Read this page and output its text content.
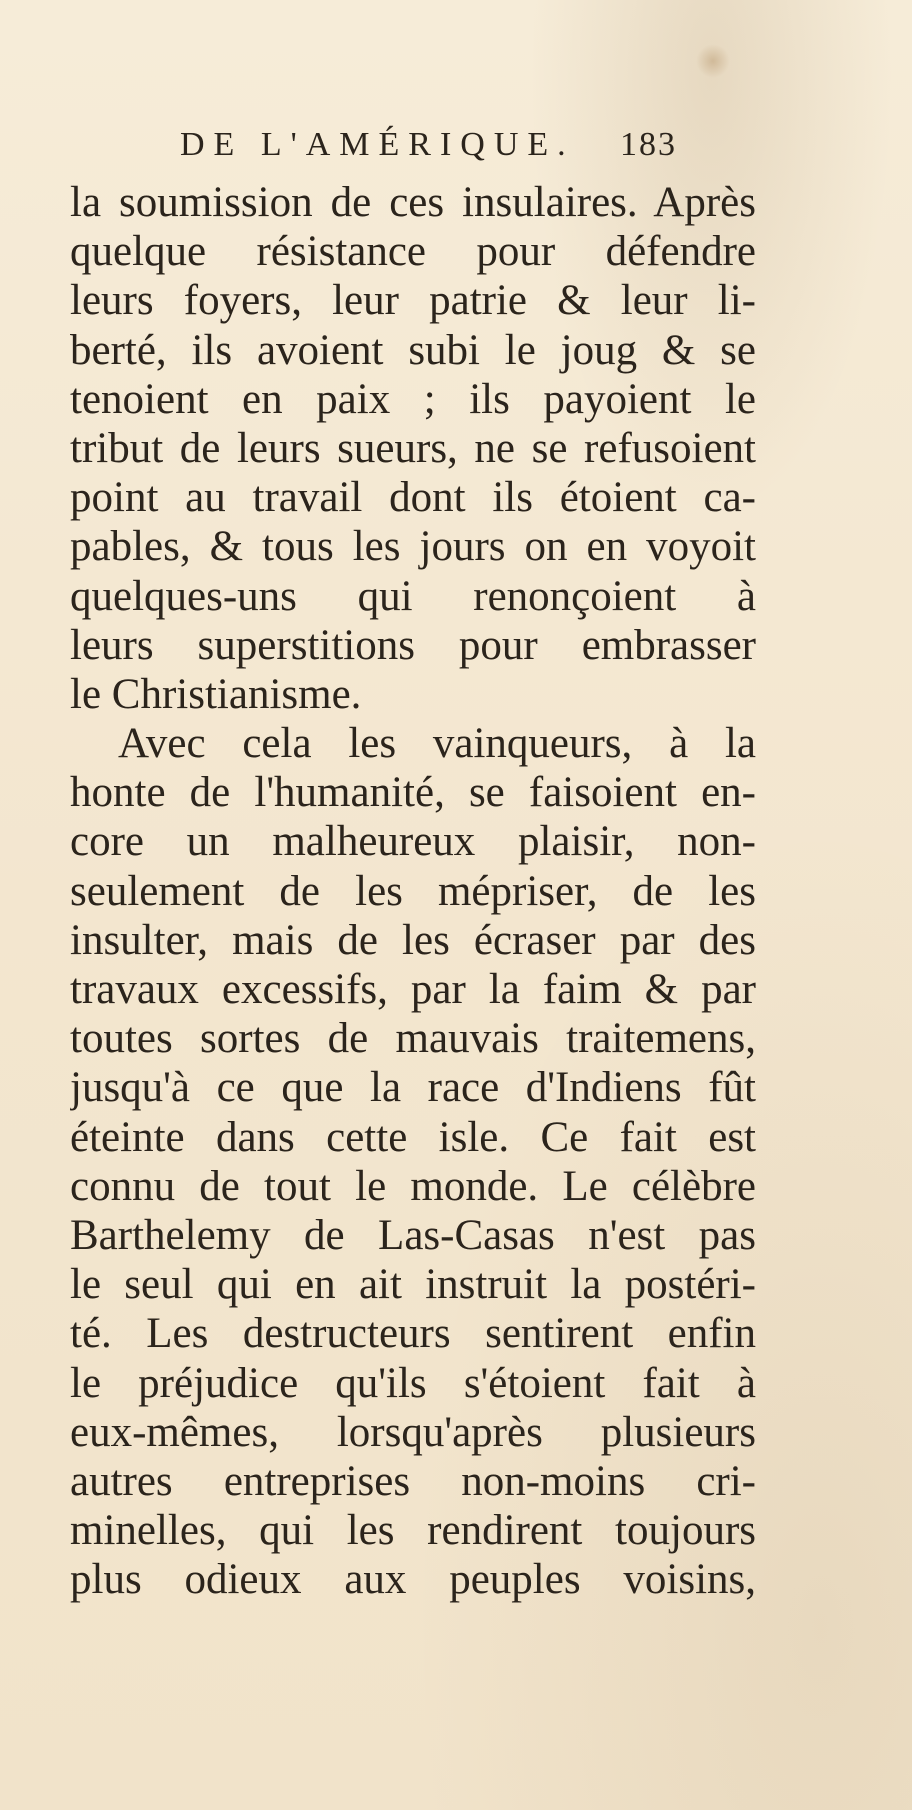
DE L'AMÉRIQUE. 183
la soumission de ces insulaires. Après
quelque résistance pour défendre
leurs foyers, leur patrie & leur li-
berté, ils avoient subi le joug & se
tenoient en paix ; ils payoient le
tribut de leurs sueurs, ne se refusoient
point au travail dont ils étoient ca-
pables, & tous les jours on en voyoit
quelques-uns qui renonçoient à
leurs superstitions pour embrasser
le Christianisme.
Avec cela les vainqueurs, à la
honte de l'humanité, se faisoient en-
core un malheureux plaisir, non-
seulement de les mépriser, de les
insulter, mais de les écraser par des
travaux excessifs, par la faim & par
toutes sortes de mauvais traitemens,
jusqu'à ce que la race d'Indiens fût
éteinte dans cette isle. Ce fait est
connu de tout le monde. Le célèbre
Barthelemy de Las-Casas n'est pas
le seul qui en ait instruit la postéri-
té. Les destructeurs sentirent enfin
le préjudice qu'ils s'étoient fait à
eux-mêmes, lorsqu'après plusieurs
autres entreprises non-moins cri-
minelles, qui les rendirent toujours
plus odieux aux peuples voisins,
